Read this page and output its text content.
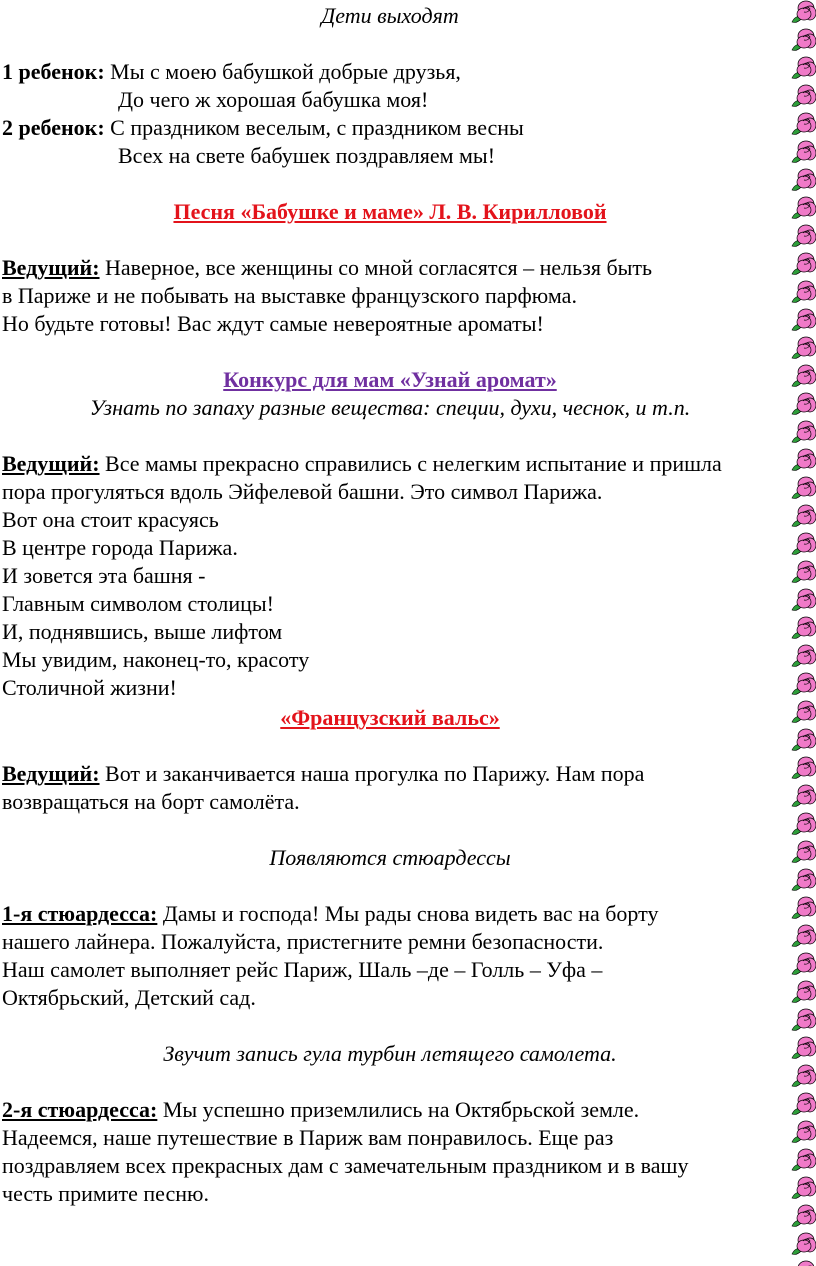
Дети выходят
1 ребенок: Мы с моею бабушкой добрые друзья,
До чего ж хорошая бабушка моя!
2 ребенок: С праздником веселым, с праздником весны
Всех на свете бабушек поздравляем мы!
Песня «Бабушке и маме» Л. В. Кирилловой
Ведущий: Наверное, все женщины со мной согласятся – нельзя быть
в Париже и не побывать на выставке французского парфюма.
Но будьте готовы! Вас ждут самые невероятные ароматы!
Конкурс для мам «Узнай аромат»
Узнать по запаху разные вещества: специи, духи, чеснок, и т.п.
Ведущий: Все мамы прекрасно справились с нелегким испытание и пришла
пора прогуляться вдоль Эйфелевой башни. Это символ Парижа.
Вот она стоит красуясь
В центре города Парижа.
И зовется эта башня -
Главным символом столицы!
И, поднявшись, выше лифтом
Мы увидим, наконец-то, красоту
Столичной жизни!
«Французский вальс»
Ведущий: Вот и заканчивается наша прогулка по Парижу. Нам пора
возвращаться на борт самолёта.
Появляются стюардессы
1-я стюардесса: Дамы и господа! Мы рады снова видеть вас на борту
нашего лайнера. Пожалуйста, пристегните ремни безопасности.
Наш самолет выполняет рейс Париж, Шаль –де – Голль – Уфа –
Октябрьский, Детский сад.
Звучит запись гула турбин летящего самолета.
2-я стюардесса: Мы успешно приземлились на Октябрьской земле.
Надеемся, наше путешествие в Париж вам понравилось. Еще раз
поздравляем всех прекрасных дам с замечательным праздником и в вашу
честь примите песню.
